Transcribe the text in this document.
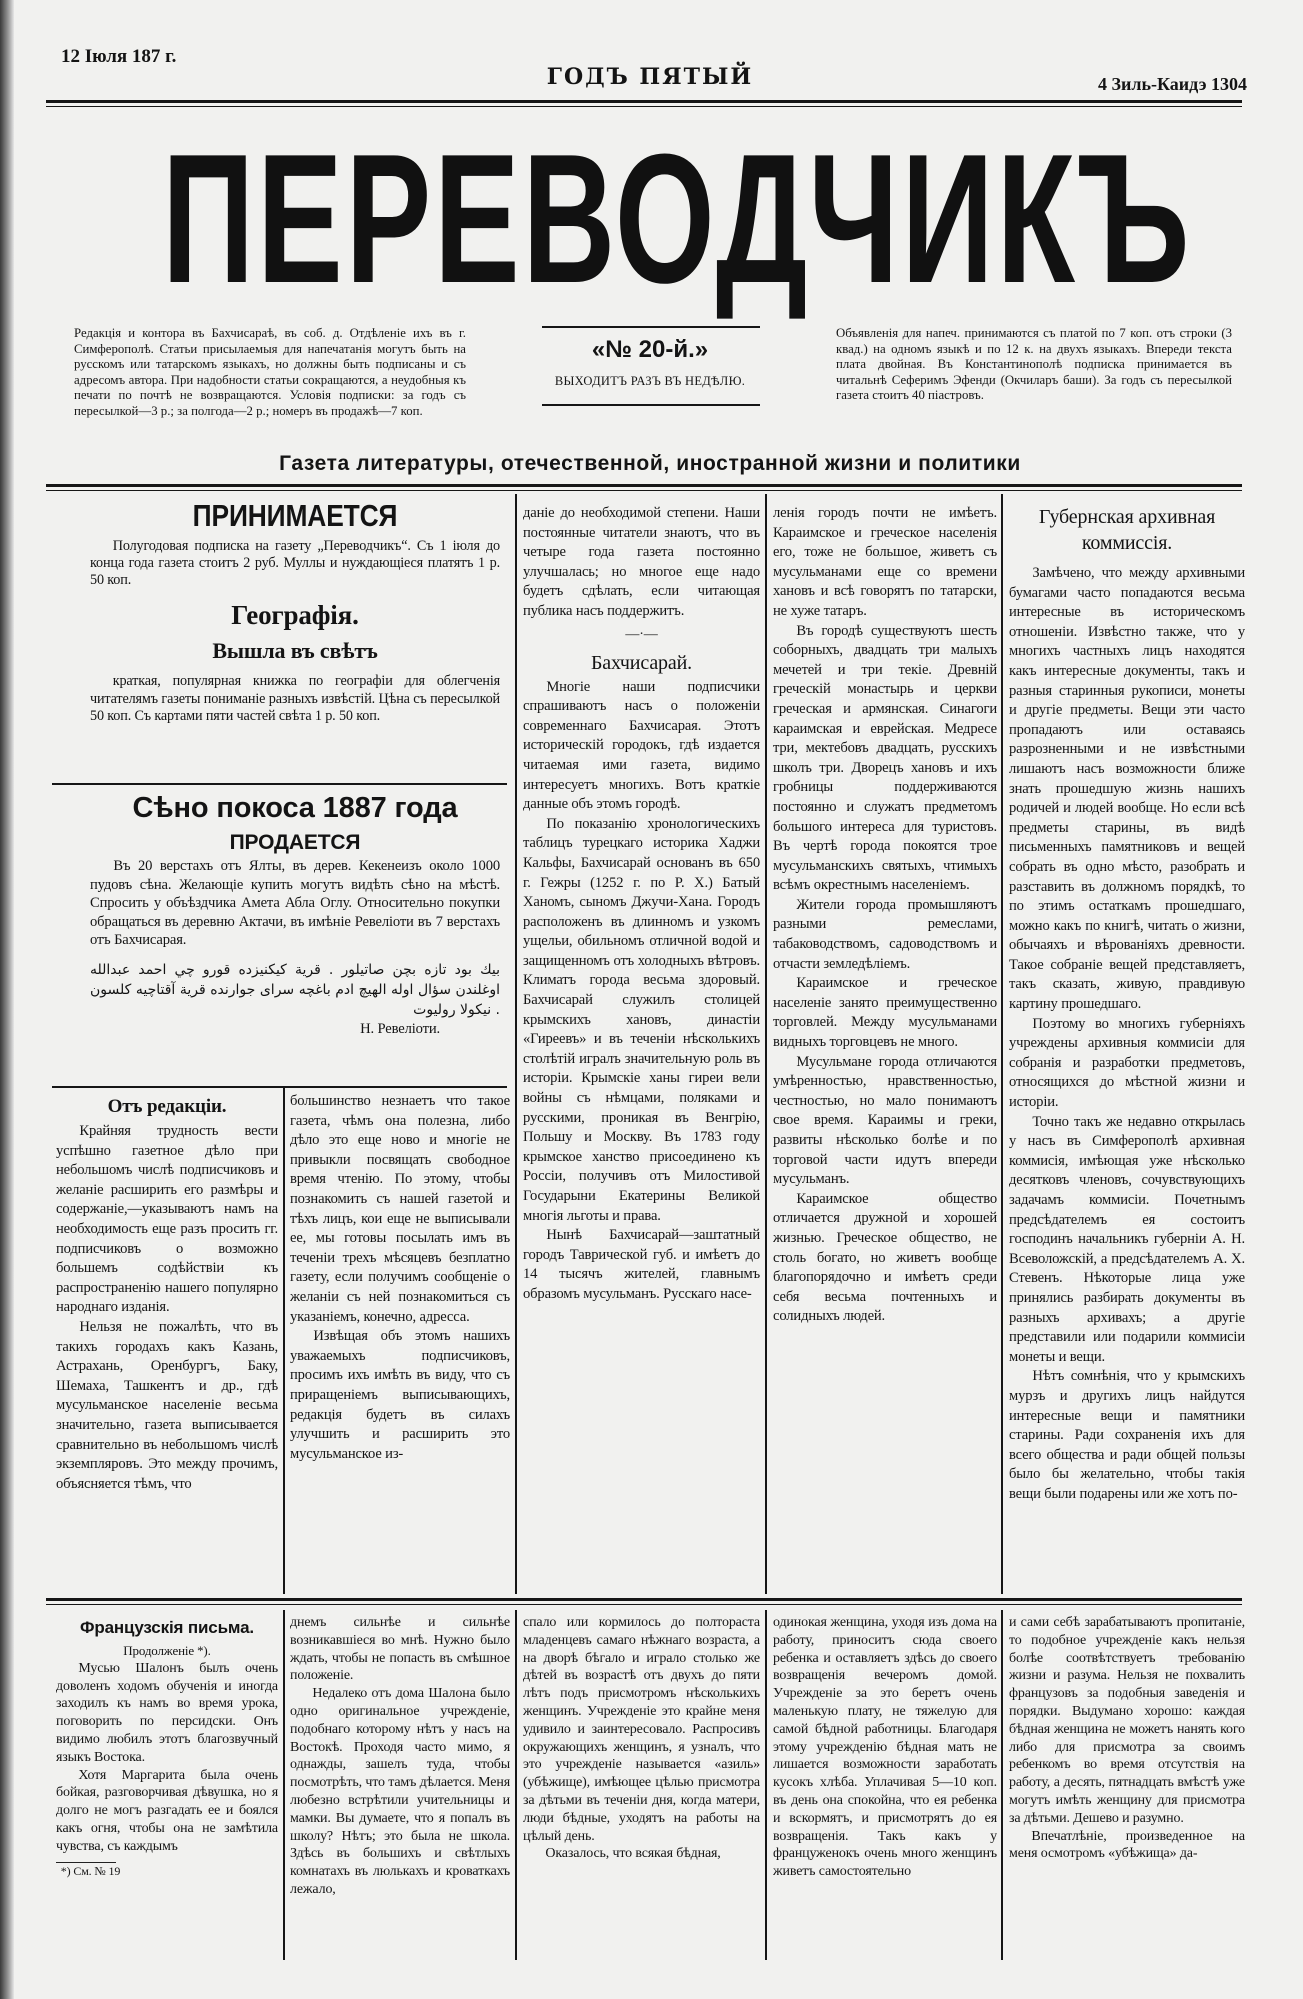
12 Іюля 187 г.
ГОДЪ ПЯТЫЙ	4 Зиль-Каидэ 1304
ПЕРЕВОДЧИКЪ
Редакція и контора въ Бахчисараѣ, въ соб. д. Отдѣленіе ихъ въ г. Симферополѣ. Статьи присылаемыя для напечатанія могутъ быть на русскомъ или татарскомъ языкахъ, но должны быть подписаны и съ адресомъ автора. При надобности статьи сокращаются, а неудобныя къ печати по почтѣ не возвращаются. Условія подписки: за годъ съ пересылкой—3 р.; за полгода—2 р.; номеръ въ продажѣ—7 коп.
«№ 20-й.»
ВЫХОДИТЪ РАЗЪ ВЪ НЕДѢЛЮ.
Объявленія для напеч. принимаются съ платой по 7 коп. отъ строки (3 квад.) на одномъ языкѣ и по 12 к. на двухъ языкахъ. Впереди текста плата двойная. Въ Константинополѣ подписка принимается въ читальнѣ Сеферимъ Эфенди (Окчиларъ баши). За годъ съ пересылкой газета стоитъ 40 піастровъ.
Газета литературы, отечественной, иностранной жизни и политики

ПРИНИМАЕТСЯ

Полугодовая подписка на газету „Переводчикъ“. Съ 1 іюля до конца года газета стоитъ 2 руб. Муллы и нуждающіеся платятъ 1 р. 50 коп.

Географія.

Вышла въ свѣтъ

краткая, популярная книжка по географіи для облегченія читателямъ газеты пониманіе разныхъ извѣстій. Цѣна съ пересылкой 50 коп. Съ картами пяти частей свѣта 1 р. 50 коп.

Сѣно покоса 1887 года

ПРОДАЕТСЯ

Въ 20 верстахъ отъ Ялты, въ дерев. Кекенеизъ около 1000 пудовъ сѣна. Желающіе купить могутъ видѣть сѣно на мѣстѣ. Спросить у объѣздчика Амета Абла Оглу. Относительно покупки обращаться въ деревню Актачи, въ имѣніе Ревеліоти въ 7 верстахъ отъ Бахчисарая.

بيك بود تازه بچن صاتيلور . قرية كيكنيزده قورو چي احمد عبدالله اوغلندن سؤال اوله الهيچ ادم باغچه سراى جوارنده قرية آقتاچيه كلسون . نيكولا روليوت

Н. Ревеліоти.

Отъ редакціи.

Крайняя трудность вести успѣшно газетное дѣло при небольшомъ числѣ подписчиковъ и желаніе расширить его размѣры и содержаніе,—указываютъ намъ на необходимость еще разъ просить гг. подписчиковъ о возможно большемъ содѣйствіи къ распространенію нашего популярно народнаго изданія.

Нельзя не пожалѣть, что въ такихъ городахъ какъ Казань, Астрахань, Оренбургъ, Баку, Шемаха, Ташкентъ и др., гдѣ мусульманское населеніе весьма значительно, газета выписывается сравнительно въ небольшомъ числѣ экземпляровъ. Это между прочимъ, объясняется тѣмъ, что

большинство незнаетъ что такое газета, чѣмъ она полезна, либо дѣло это еще ново и многіе не привыкли посвящать свободное время чтенію. По этому, чтобы познакомить съ нашей газетой и тѣхъ лицъ, кои еще не выписывали ее, мы готовы посылать имъ въ теченіи трехъ мѣсяцевъ безплатно газету, если получимъ сообщеніе о желаніи съ ней познакомиться съ указаніемъ, конечно, адресса.

Извѣщая объ этомъ нашихъ уважаемыхъ подписчиковъ, просимъ ихъ имѣть въ виду, что съ приращеніемъ выписывающихъ, редакція будетъ въ силахъ улучшить и расширить это мусульманское из-

даніе до необходимой степени. Наши постоянные читатели знаютъ, что въ четыре года газета постоянно улучшалась; но многое еще надо будетъ сдѣлать, если читающая публика насъ поддержитъ.

—·—

Бахчисарай.

Многіе наши подписчики спрашиваютъ насъ о положеніи современнаго Бахчисарая. Этотъ историческій городокъ, гдѣ издается читаемая ими газета, видимо интересуетъ многихъ. Вотъ краткіе данные объ этомъ городѣ.

По показанію хронологическихъ таблицъ турецкаго историка Хаджи Кальфы, Бахчисарай основанъ въ 650 г. Гежры (1252 г. по Р. Х.) Батый Ханомъ, сыномъ Джучи-Хана. Городъ расположенъ въ длинномъ и узкомъ ущельи, обильномъ отличной водой и защищенномъ отъ холодныхъ вѣтровъ. Климатъ города весьма здоровый. Бахчисарай служилъ столицей крымскихъ хановъ, династіи «Гиреевъ» и въ теченіи нѣсколькихъ столѣтій игралъ значительную роль въ исторіи. Крымскіе ханы гиреи вели войны съ нѣмцами, поляками и русскими, проникая въ Венгрію, Польшу и Москву. Въ 1783 году крымское ханство присоединено къ Россіи, получивъ отъ Милостивой Государыни Екатерины Великой многія льготы и права.

Нынѣ Бахчисарай—заштатный городъ Таврической губ. и имѣетъ до 14 тысячъ жителей, главнымъ образомъ мусульманъ. Русскаго насе-

ленія городъ почти не имѣетъ. Караимское и греческое населенія его, тоже не большое, живетъ съ мусульманами еще со времени хановъ и всѣ говорятъ по татарски, не хуже татаръ.

Въ городѣ существуютъ шесть соборныхъ, двадцать три малыхъ мечетей и три текіе. Древній греческій монастырь и церкви греческая и армянская. Синагоги караимская и еврейская. Медресе три, мектебовъ двадцать, русскихъ школъ три. Дворецъ хановъ и ихъ гробницы поддерживаются постоянно и служатъ предметомъ большого интереса для туристовъ. Въ чертѣ города покоятся трое мусульманскихъ святыхъ, чтимыхъ всѣмъ окрестнымъ населеніемъ.

Жители города промышляютъ разными ремеслами, табаководствомъ, садоводствомъ и отчасти земледѣліемъ.

Караимское и греческое населеніе занято преимущественно торговлей. Между мусульманами видныхъ торговцевъ не много.

Мусульмане города отличаются умѣренностью, нравственностью, честностью, но мало понимаютъ свое время. Караимы и греки, развиты нѣсколько болѣе и по торговой части идутъ впереди мусульманъ.

Караимское общество отличается дружной и хорошей жизнью. Греческое общество, не столь богато, но живетъ вообще благопорядочно и имѣетъ среди себя весьма почтенныхъ и солидныхъ людей.

Губернская архивная коммиссія.

Замѣчено, что между архивными бумагами часто попадаются весьма интересные въ историческомъ отношеніи. Извѣстно также, что у многихъ частныхъ лицъ находятся какъ интересные документы, такъ и разныя старинныя рукописи, монеты и другіе предметы. Вещи эти часто пропадаютъ или оставаясь разрозненными и не извѣстными лишаютъ насъ возможности ближе знать прошедшую жизнь нашихъ родичей и людей вообще. Но если всѣ предметы старины, въ видѣ письменныхъ памятниковъ и вещей собрать въ одно мѣсто, разобрать и разставить въ должномъ порядкѣ, то по этимъ остаткамъ прошедшаго, можно какъ по книгѣ, читать о жизни, обычаяхъ и вѣрованіяхъ древности. Такое собраніе вещей представляетъ, такъ сказать, живую, правдивую картину прошедшаго.

Поэтому во многихъ губерніяхъ учреждены архивныя коммисіи для собранія и разработки предметовъ, относящихся до мѣстной жизни и исторіи.

Точно такъ же недавно открылась у насъ въ Симферополѣ архивная коммисія, имѣющая уже нѣсколько десятковъ членовъ, сочувствующихъ задачамъ коммисіи. Почетнымъ предсѣдателемъ ея состоитъ господинъ начальникъ губерніи А. Н. Всеволожскій, а предсѣдателемъ А. Х. Стевенъ. Нѣкоторые лица уже принялись разбирать документы въ разныхъ архивахъ; а другіе представили или подарили коммисіи монеты и вещи.

Нѣтъ сомнѣнія, что у крымскихъ мурзъ и другихъ лицъ найдутся интересные вещи и памятники старины. Ради сохраненія ихъ для всего общества и ради общей пользы было бы желательно, чтобы такія вещи были подарены или же хотъ по-

Французскія письма.

Продолженіе *).

Мусью Шалонъ былъ очень доволенъ ходомъ обученія и иногда заходилъ къ намъ во время урока, поговорить по персидски. Онъ видимо любилъ этотъ благозвучный языкъ Востока.

Хотя Маргарита была очень бойкая, разговорчивая дѣвушка, но я долго не могъ разгадать ее и боялся какъ огня, чтобы она не замѣтила чувства, съ каждымъ

*) См. № 19

днемъ сильнѣе и сильнѣе возникавшіеся во мнѣ. Нужно было ждать, чтобы не попасть въ смѣшное положеніе.

Недалеко отъ дома Шалона было одно оригинальное учрежденіе, подобнаго которому нѣтъ у насъ на Востокѣ. Проходя часто мимо, я однажды, зашелъ туда, чтобы посмотрѣть, что тамъ дѣлается. Меня любезно встрѣтили учительницы и мамки. Вы думаете, что я попалъ въ школу? Нѣтъ; это была не школа. Здѣсь въ большихъ и свѣтлыхъ комнатахъ въ люлькахъ и кроваткахъ лежало,

спало или кормилось до полтораста младенцевъ самаго нѣжнаго возраста, а на дворѣ бѣгало и играло столько же дѣтей въ возрастѣ отъ двухъ до пяти лѣтъ подъ присмотромъ нѣсколькихъ женщинъ. Учрежденіе это крайне меня удивило и заинтересовало. Распросивъ окружающихъ женщинъ, я узналъ, что это учрежденіе называется «азиль» (убѣжище), имѣющее цѣлью присмотра за дѣтьми въ теченіи дня, когда матери, люди бѣдные, уходятъ на работы на цѣлый день.

Оказалось, что всякая бѣдная,

одинокая женщина, уходя изъ дома на работу, приноситъ сюда своего ребенка и оставляетъ здѣсь до своего возвращенія вечеромъ домой. Учрежденіе за это беретъ очень маленькую плату, не тяжелую для самой бѣдной работницы. Благодаря этому учрежденію бѣдная мать не лишается возможности заработать кусокъ хлѣба. Уплачивая 5—10 коп. въ день она спокойна, что ея ребенка и вскормятъ, и присмотрятъ до ея возвращенія. Такъ какъ у француженокъ очень много женщинъ живетъ самостоятельно

и сами себѣ зарабатываютъ пропитаніе, то подобное учрежденіе какъ нельзя болѣе соотвѣтствуетъ требованію жизни и разума. Нельзя не похвалить французовъ за подобныя заведенія и порядки. Выдумано хорошо: каждая бѣдная женщина не можетъ нанять кого либо для присмотра за своимъ ребенкомъ во время отсутствія на работу, а десять, пятнадцать вмѣстѣ уже могутъ имѣть женщину для присмотра за дѣтьми. Дешево и разумно.

Впечатлѣніе, произведенное на меня осмотромъ «убѣжища» да-
